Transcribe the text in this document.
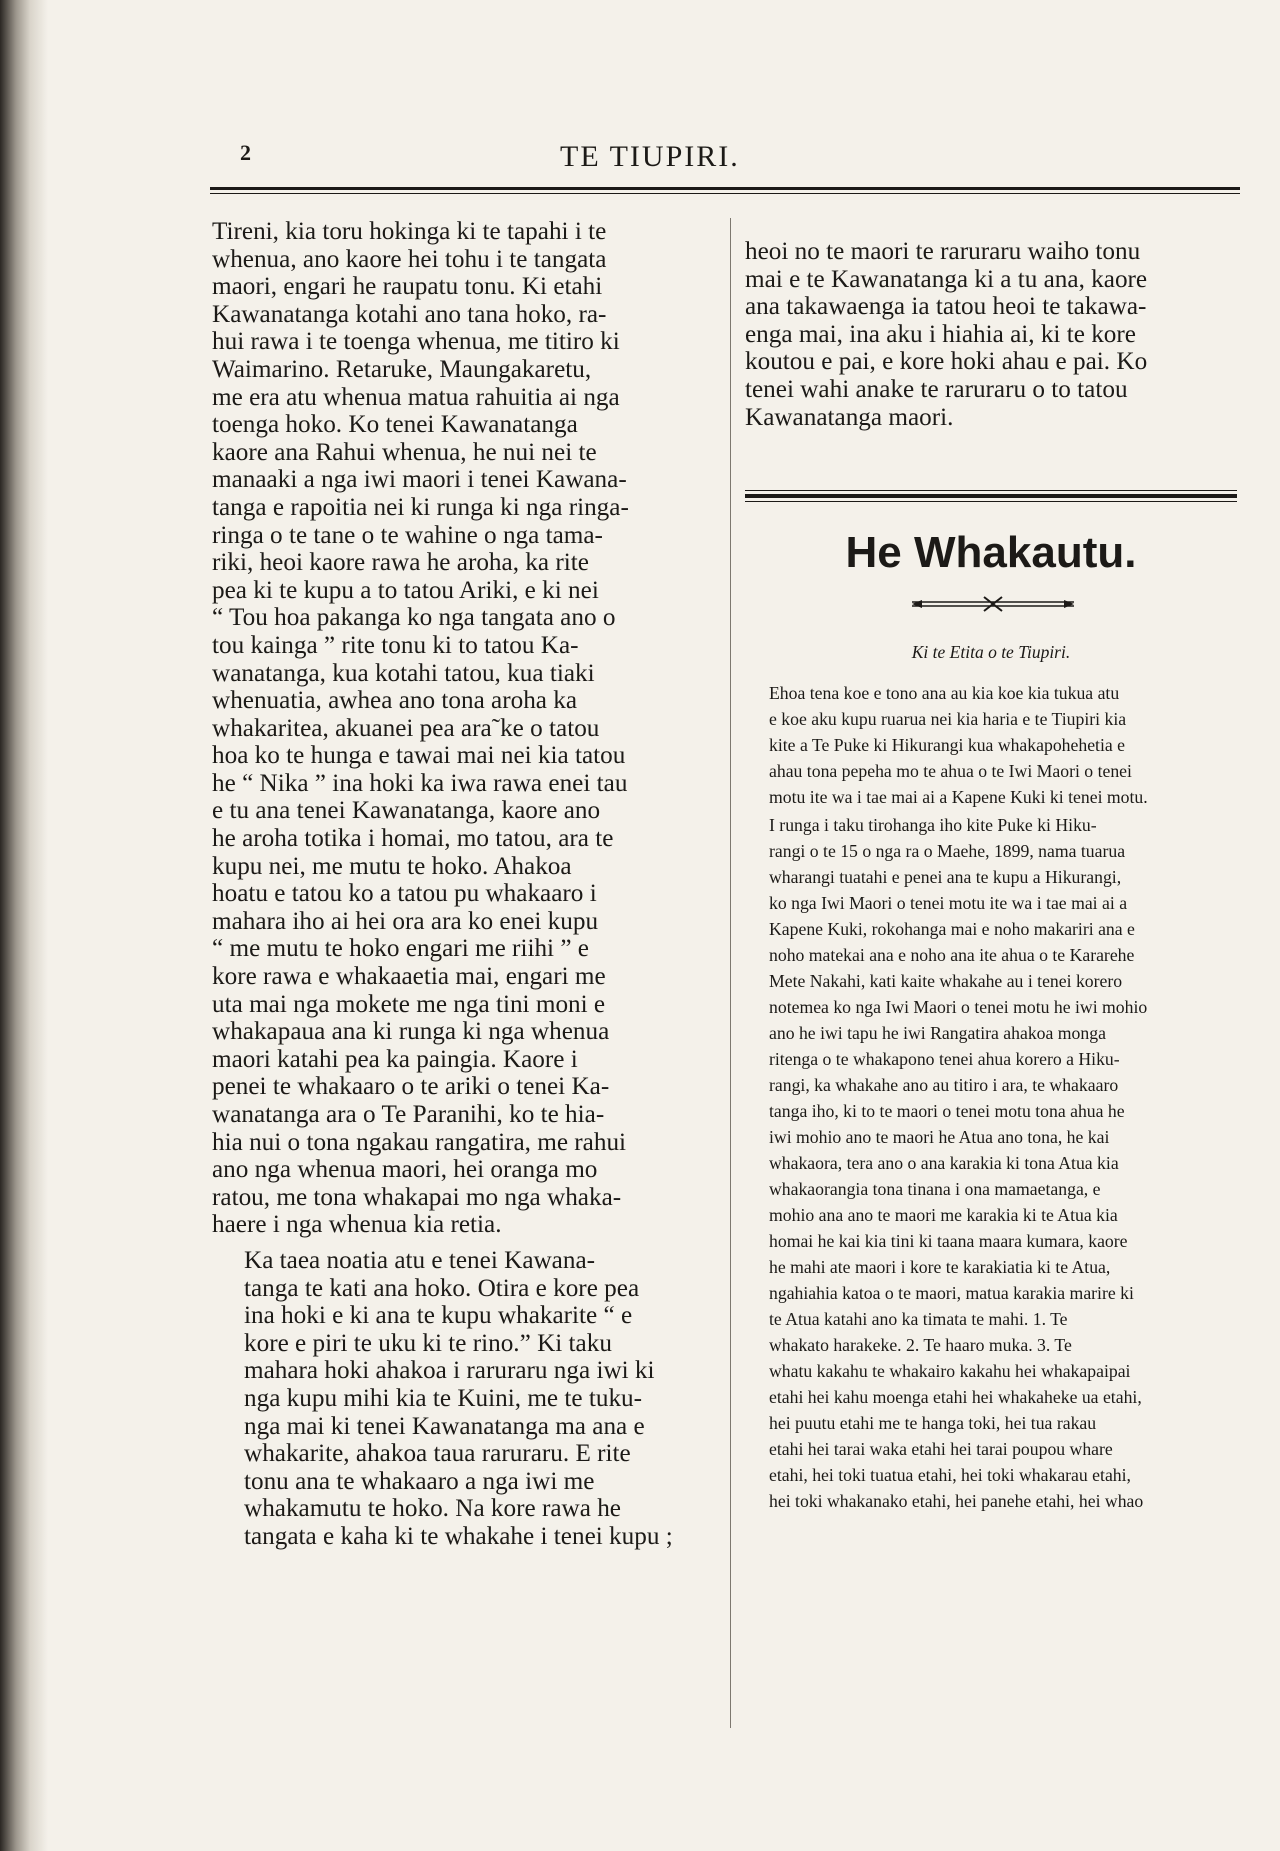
2	TE TIUPIRI.

Tireni, kia toru hokinga ki te tapahi i te
whenua, ano kaore hei tohu i te tangata
maori, engari he raupatu tonu. Ki etahi
Kawanatanga kotahi ano tana hoko, ra-
hui rawa i te toenga whenua, me titiro ki
Waimarino. Retaruke, Maungakaretu,
me era atu whenua matua rahuitia ai nga
toenga hoko. Ko tenei Kawanatanga
kaore ana Rahui whenua, he nui nei te
manaaki a nga iwi maori i tenei Kawana-
tanga e rapoitia nei ki runga ki nga ringa-
ringa o te tane o te wahine o nga tama-
riki, heoi kaore rawa he aroha, ka rite
pea ki te kupu a to tatou Ariki, e ki nei
“ Tou hoa pakanga ko nga tangata ano o
tou kainga ” rite tonu ki to tatou Ka-
wanatanga, kua kotahi tatou, kua tiaki
whenuatia, awhea ano tona aroha ka
whakaritea, akuanei pea ara˜ke o tatou
hoa ko te hunga e tawai mai nei kia tatou
he “ Nika ” ina hoki ka iwa rawa enei tau
e tu ana tenei Kawanatanga, kaore ano
he aroha totika i homai, mo tatou, ara te
kupu nei, me mutu te hoko. Ahakoa
hoatu e tatou ko a tatou pu whakaaro i
mahara iho ai hei ora ara ko enei kupu
“ me mutu te hoko engari me riihi ” e
kore rawa e whakaaetia mai, engari me
uta mai nga mokete me nga tini moni e
whakapaua ana ki runga ki nga whenua
maori katahi pea ka paingia. Kaore i
penei te whakaaro o te ariki o tenei Ka-
wanatanga ara o Te Paranihi, ko te hia-
hia nui o tona ngakau rangatira, me rahui
ano nga whenua maori, hei oranga mo
ratou, me tona whakapai mo nga whaka-
haere i nga whenua kia retia.

Ka taea noatia atu e tenei Kawana-
tanga te kati ana hoko. Otira e kore pea
ina hoki e ki ana te kupu whakarite “ e
kore e piri te uku ki te rino.” Ki taku
mahara hoki ahakoa i raruraru nga iwi ki
nga kupu mihi kia te Kuini, me te tuku-
nga mai ki tenei Kawanatanga ma ana e
whakarite, ahakoa taua raruraru. E rite
tonu ana te whakaaro a nga iwi me
whakamutu te hoko. Na kore rawa he
tangata e kaha ki te whakahe i tenei kupu ;

heoi no te maori te raruraru waiho tonu
mai e te Kawanatanga ki a tu ana, kaore
ana takawaenga ia tatou heoi te takawa-
enga mai, ina aku i hiahia ai, ki te kore
koutou e pai, e kore hoki ahau e pai. Ko
tenei wahi anake te raruraru o to tatou
Kawanatanga maori.

He Whakautu.
Ki te Etita o te Tiupiri.

Ehoa tena koe e tono ana au kia koe kia tukua atu
e koe aku kupu ruarua nei kia haria e te Tiupiri kia
kite a Te Puke ki Hikurangi kua whakapohehetia e
ahau tona pepeha mo te ahua o te Iwi Maori o tenei
motu ite wa i tae mai ai a Kapene Kuki ki tenei motu.

I runga i taku tirohanga iho kite Puke ki Hiku-
rangi o te 15 o nga ra o Maehe, 1899, nama tuarua
wharangi tuatahi e penei ana te kupu a Hikurangi,
ko nga Iwi Maori o tenei motu ite wa i tae mai ai a
Kapene Kuki, rokohanga mai e noho makariri ana e
noho matekai ana e noho ana ite ahua o te Kararehe
Mete Nakahi, kati kaite whakahe au i tenei korero
notemea ko nga Iwi Maori o tenei motu he iwi mohio
ano he iwi tapu he iwi Rangatira ahakoa monga
ritenga o te whakapono tenei ahua korero a Hiku-
rangi, ka whakahe ano au titiro i ara, te whakaaro
tanga iho, ki to te maori o tenei motu tona ahua he
iwi mohio ano te maori he Atua ano tona, he kai
whakaora, tera ano o ana karakia ki tona Atua kia
whakaorangia tona tinana i ona mamaetanga, e
mohio ana ano te maori me karakia ki te Atua kia
homai he kai kia tini ki taana maara kumara, kaore
he mahi ate maori i kore te karakiatia ki te Atua,
ngahiahia katoa o te maori, matua karakia marire ki
te Atua katahi ano ka timata te mahi. 1. Te
whakato harakeke. 2. Te haaro muka. 3. Te
whatu kakahu te whakairo kakahu hei whakapaipai
etahi hei kahu moenga etahi hei whakaheke ua etahi,
hei puutu etahi me te hanga toki, hei tua rakau
etahi hei tarai waka etahi hei tarai poupou whare
etahi, hei toki tuatua etahi, hei toki whakarau etahi,
hei toki whakanako etahi, hei panehe etahi, hei whao
